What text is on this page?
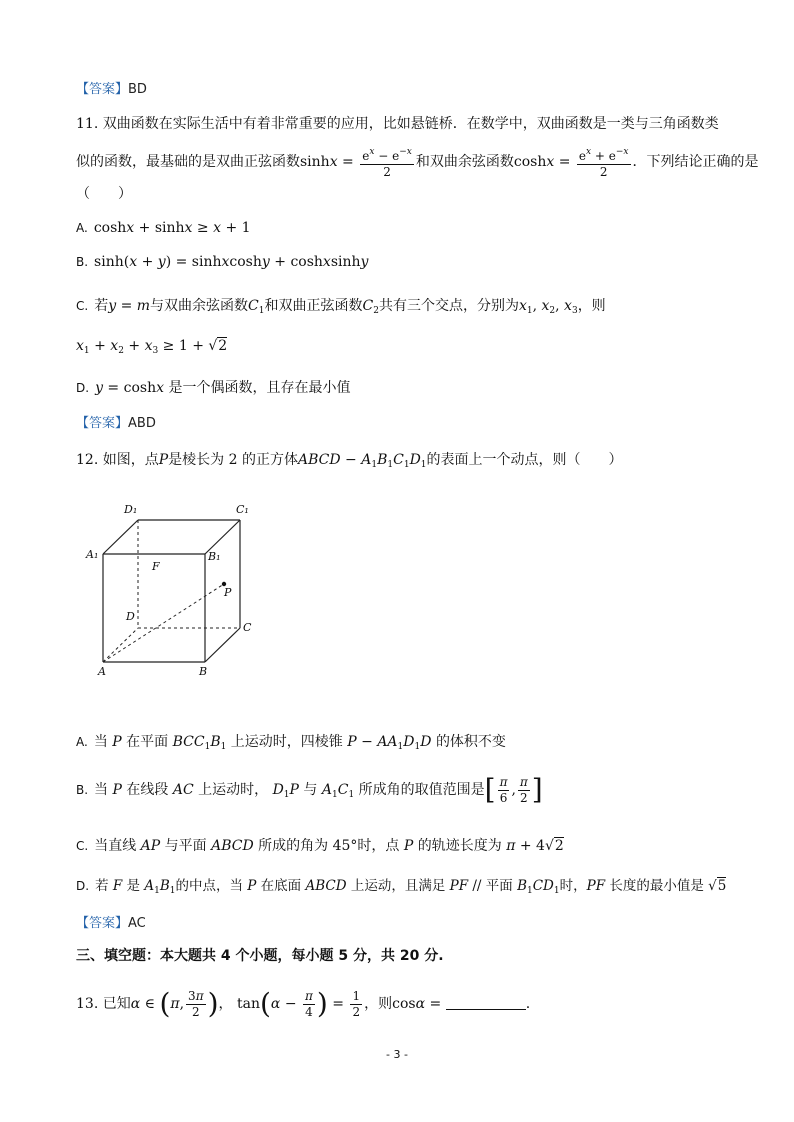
【答案】BD
11. 双曲函数在实际生活中有着非常重要的应用，比如悬链桥．在数学中，双曲函数是一类与三角函数类
似的函数，最基础的是双曲正弦函数$\sinh x = \frac{e^x - e^{-x}}{2}$ 和双曲余弦函数$\cosh x = \frac{e^x + e^{-x}}{2}$ ．下列结论正确的是
（　　）
A. coshx + sinhx ≥ x + 1
B. sinh(x + y) = sinhxcoshy + coshxsinhy
C. 若y = m与双曲余弦函数$C_1$和双曲正弦函数$C_2$共有三个交点，分别为$x_1$, $x_2$, $x_3$，则
$x_1 + x_2 + x_3 \ge 1 + √2$
D. y = coshx 是一个偶函数，且存在最小值
【答案】ABD
12. 如图，点P是棱长为 2 的正方体ABCD − $A_1B_1C_1D_1$的表面上一个动点，则（　　）
D₁	C₁
A₁	B₁
F
P
D
C
A	B
A. 当 P 在平面 $BCC_1B_1$ 上运动时，四棱锥 $P - AA_1D_1D$ 的体积不变
B. 当 P 在线段 AC 上运动时， $D_1P$ 与 $A_1C_1$ 所成角的取值范围是[ $\frac{\pi}{6}$ , $\frac{\pi}{2}$ ]
C. 当直线 AP 与平面 ABCD 所成的角为 45°时，点 P 的轨迹长度为 π + 4√2
D. 若 F 是 $A_1B_1$的中点，当 P 在底面 ABCD 上运动，且满足 PF // 平面 $B_1CD_1$时，PF 长度的最小值是 √5
【答案】AC
三、填空题：本大题共 4 个小题，每小题 5 分，共 20 分.
13. 已知α ∈ (π, $\frac{3\pi}{2}$ )， $\tan(\alpha - \frac{\pi}{4}$ ) = $\frac{1}{2}$ ，则cosα =	.
- 3 -
